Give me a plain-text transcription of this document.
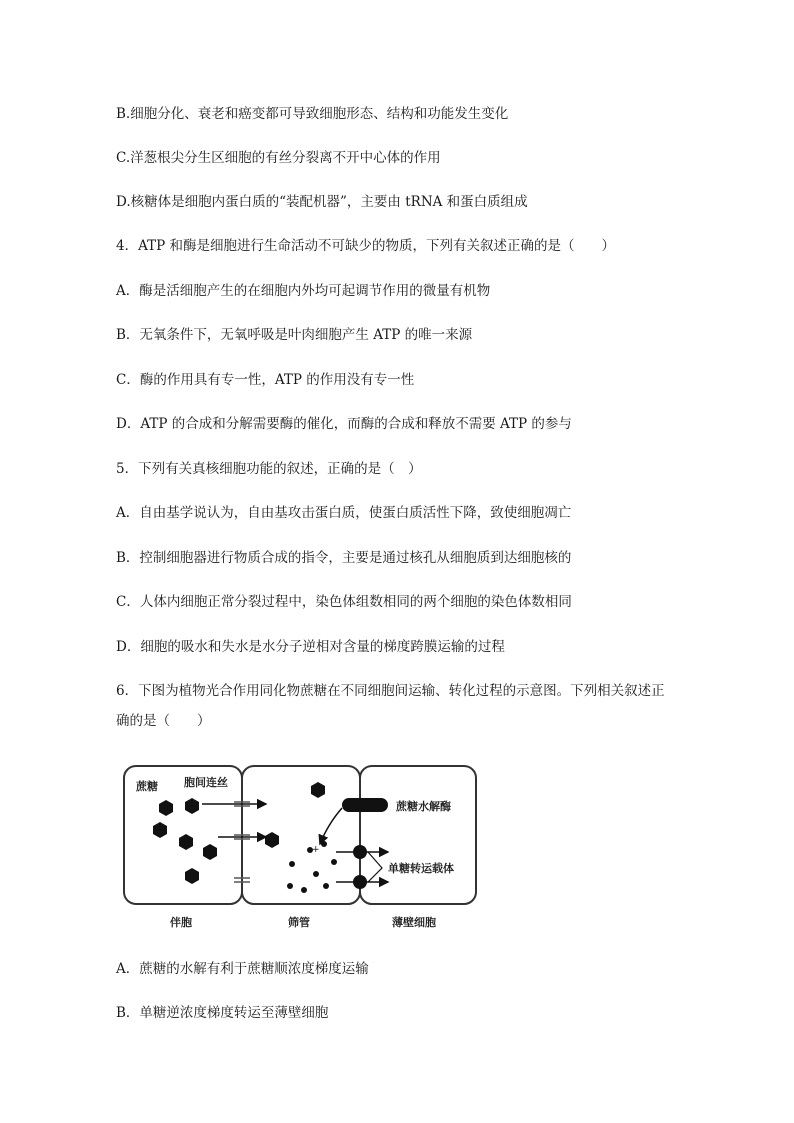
B.细胞分化、衰老和癌变都可导致细胞形态、结构和功能发生变化
C.洋葱根尖分生区细胞的有丝分裂离不开中心体的作用
D.核糖体是细胞内蛋白质的“装配机器”，主要由 tRNA 和蛋白质组成
4．ATP 和酶是细胞进行生命活动不可缺少的物质，下列有关叙述正确的是（　　）
A．酶是活细胞产生的在细胞内外均可起调节作用的微量有机物
B．无氧条件下，无氧呼吸是叶肉细胞产生 ATP 的唯一来源
C．酶的作用具有专一性，ATP 的作用没有专一性
D．ATP 的合成和分解需要酶的催化，而酶的合成和释放不需要 ATP 的参与
5．下列有关真核细胞功能的叙述，正确的是（　）
A．自由基学说认为，自由基攻击蛋白质，使蛋白质活性下降，致使细胞凋亡
B．控制细胞器进行物质合成的指令，主要是通过核孔从细胞质到达细胞核的
C．人体内细胞正常分裂过程中，染色体组数相同的两个细胞的染色体数相同
D．细胞的吸水和失水是水分子逆相对含量的梯度跨膜运输的过程
6．下图为植物光合作用同化物蔗糖在不同细胞间运输、转化过程的示意图。下列相关叙述正
确的是（　　）
+
蔗糖 胞间连丝
蔗糖水解酶
单糖转运载体
伴胞	筛管	薄壁细胞
A．蔗糖的水解有利于蔗糖顺浓度梯度运输
B．单糖逆浓度梯度转运至薄壁细胞
